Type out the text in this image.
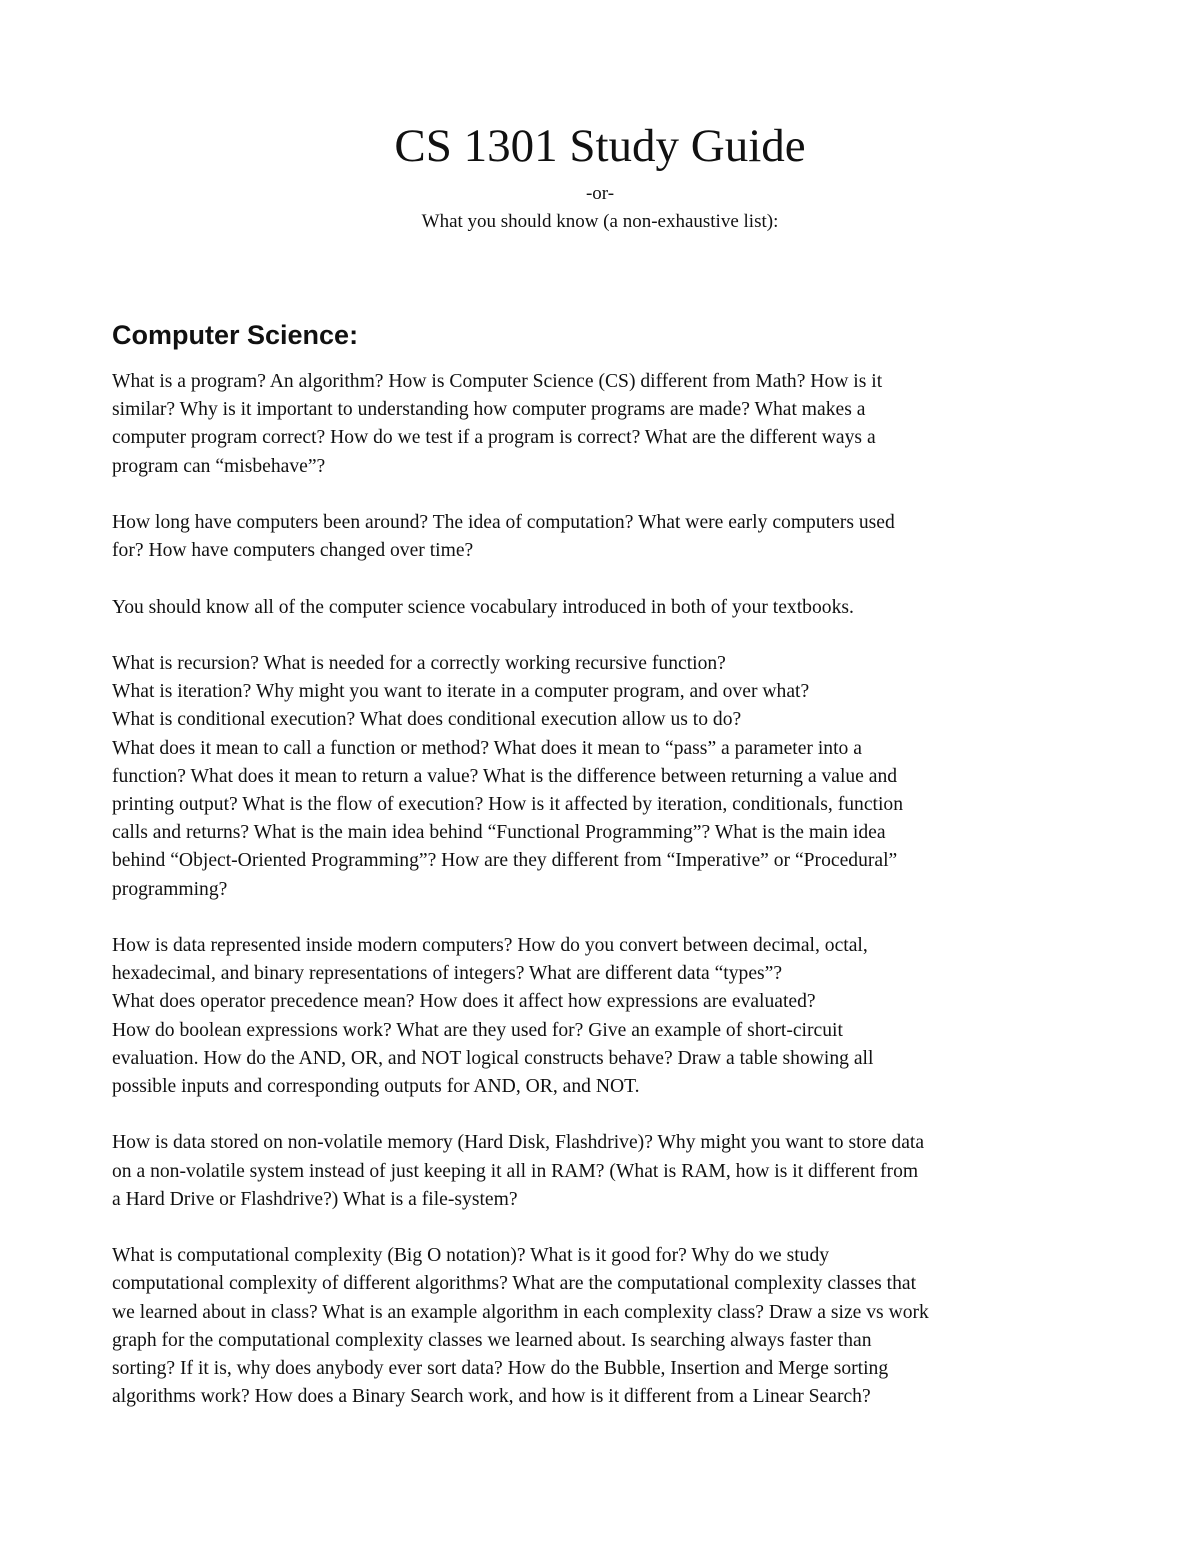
CS 1301 Study Guide
-or-
What you should know (a non-exhaustive list):
Computer Science:
What is a program? An algorithm? How is Computer Science (CS) different from Math? How is it
similar? Why is it important to understanding how computer programs are made? What makes a
computer program correct? How do we test if a program is correct? What are the different ways a
program can “misbehave”?
How long have computers been around? The idea of computation? What were early computers used
for? How have computers changed over time?
You should know all of the computer science vocabulary introduced in both of your textbooks.
What is recursion? What is needed for a correctly working recursive function?
What is iteration? Why might you want to iterate in a computer program, and over what?
What is conditional execution? What does conditional execution allow us to do?
What does it mean to call a function or method? What does it mean to “pass” a parameter into a
function? What does it mean to return a value? What is the difference between returning a value and
printing output? What is the flow of execution? How is it affected by iteration, conditionals, function
calls and returns? What is the main idea behind “Functional Programming”? What is the main idea
behind “Object-Oriented Programming”? How are they different from “Imperative” or “Procedural”
programming?
How is data represented inside modern computers? How do you convert between decimal, octal,
hexadecimal, and binary representations of integers? What are different data “types”?
What does operator precedence mean? How does it affect how expressions are evaluated?
How do boolean expressions work? What are they used for? Give an example of short-circuit
evaluation. How do the AND, OR, and NOT logical constructs behave? Draw a table showing all
possible inputs and corresponding outputs for AND, OR, and NOT.
How is data stored on non-volatile memory (Hard Disk, Flashdrive)? Why might you want to store data
on a non-volatile system instead of just keeping it all in RAM? (What is RAM, how is it different from
a Hard Drive or Flashdrive?) What is a file-system?
What is computational complexity (Big O notation)? What is it good for? Why do we study
computational complexity of different algorithms? What are the computational complexity classes that
we learned about in class? What is an example algorithm in each complexity class? Draw a size vs work
graph for the computational complexity classes we learned about. Is searching always faster than
sorting? If it is, why does anybody ever sort data? How do the Bubble, Insertion and Merge sorting
algorithms work? How does a Binary Search work, and how is it different from a Linear Search?
